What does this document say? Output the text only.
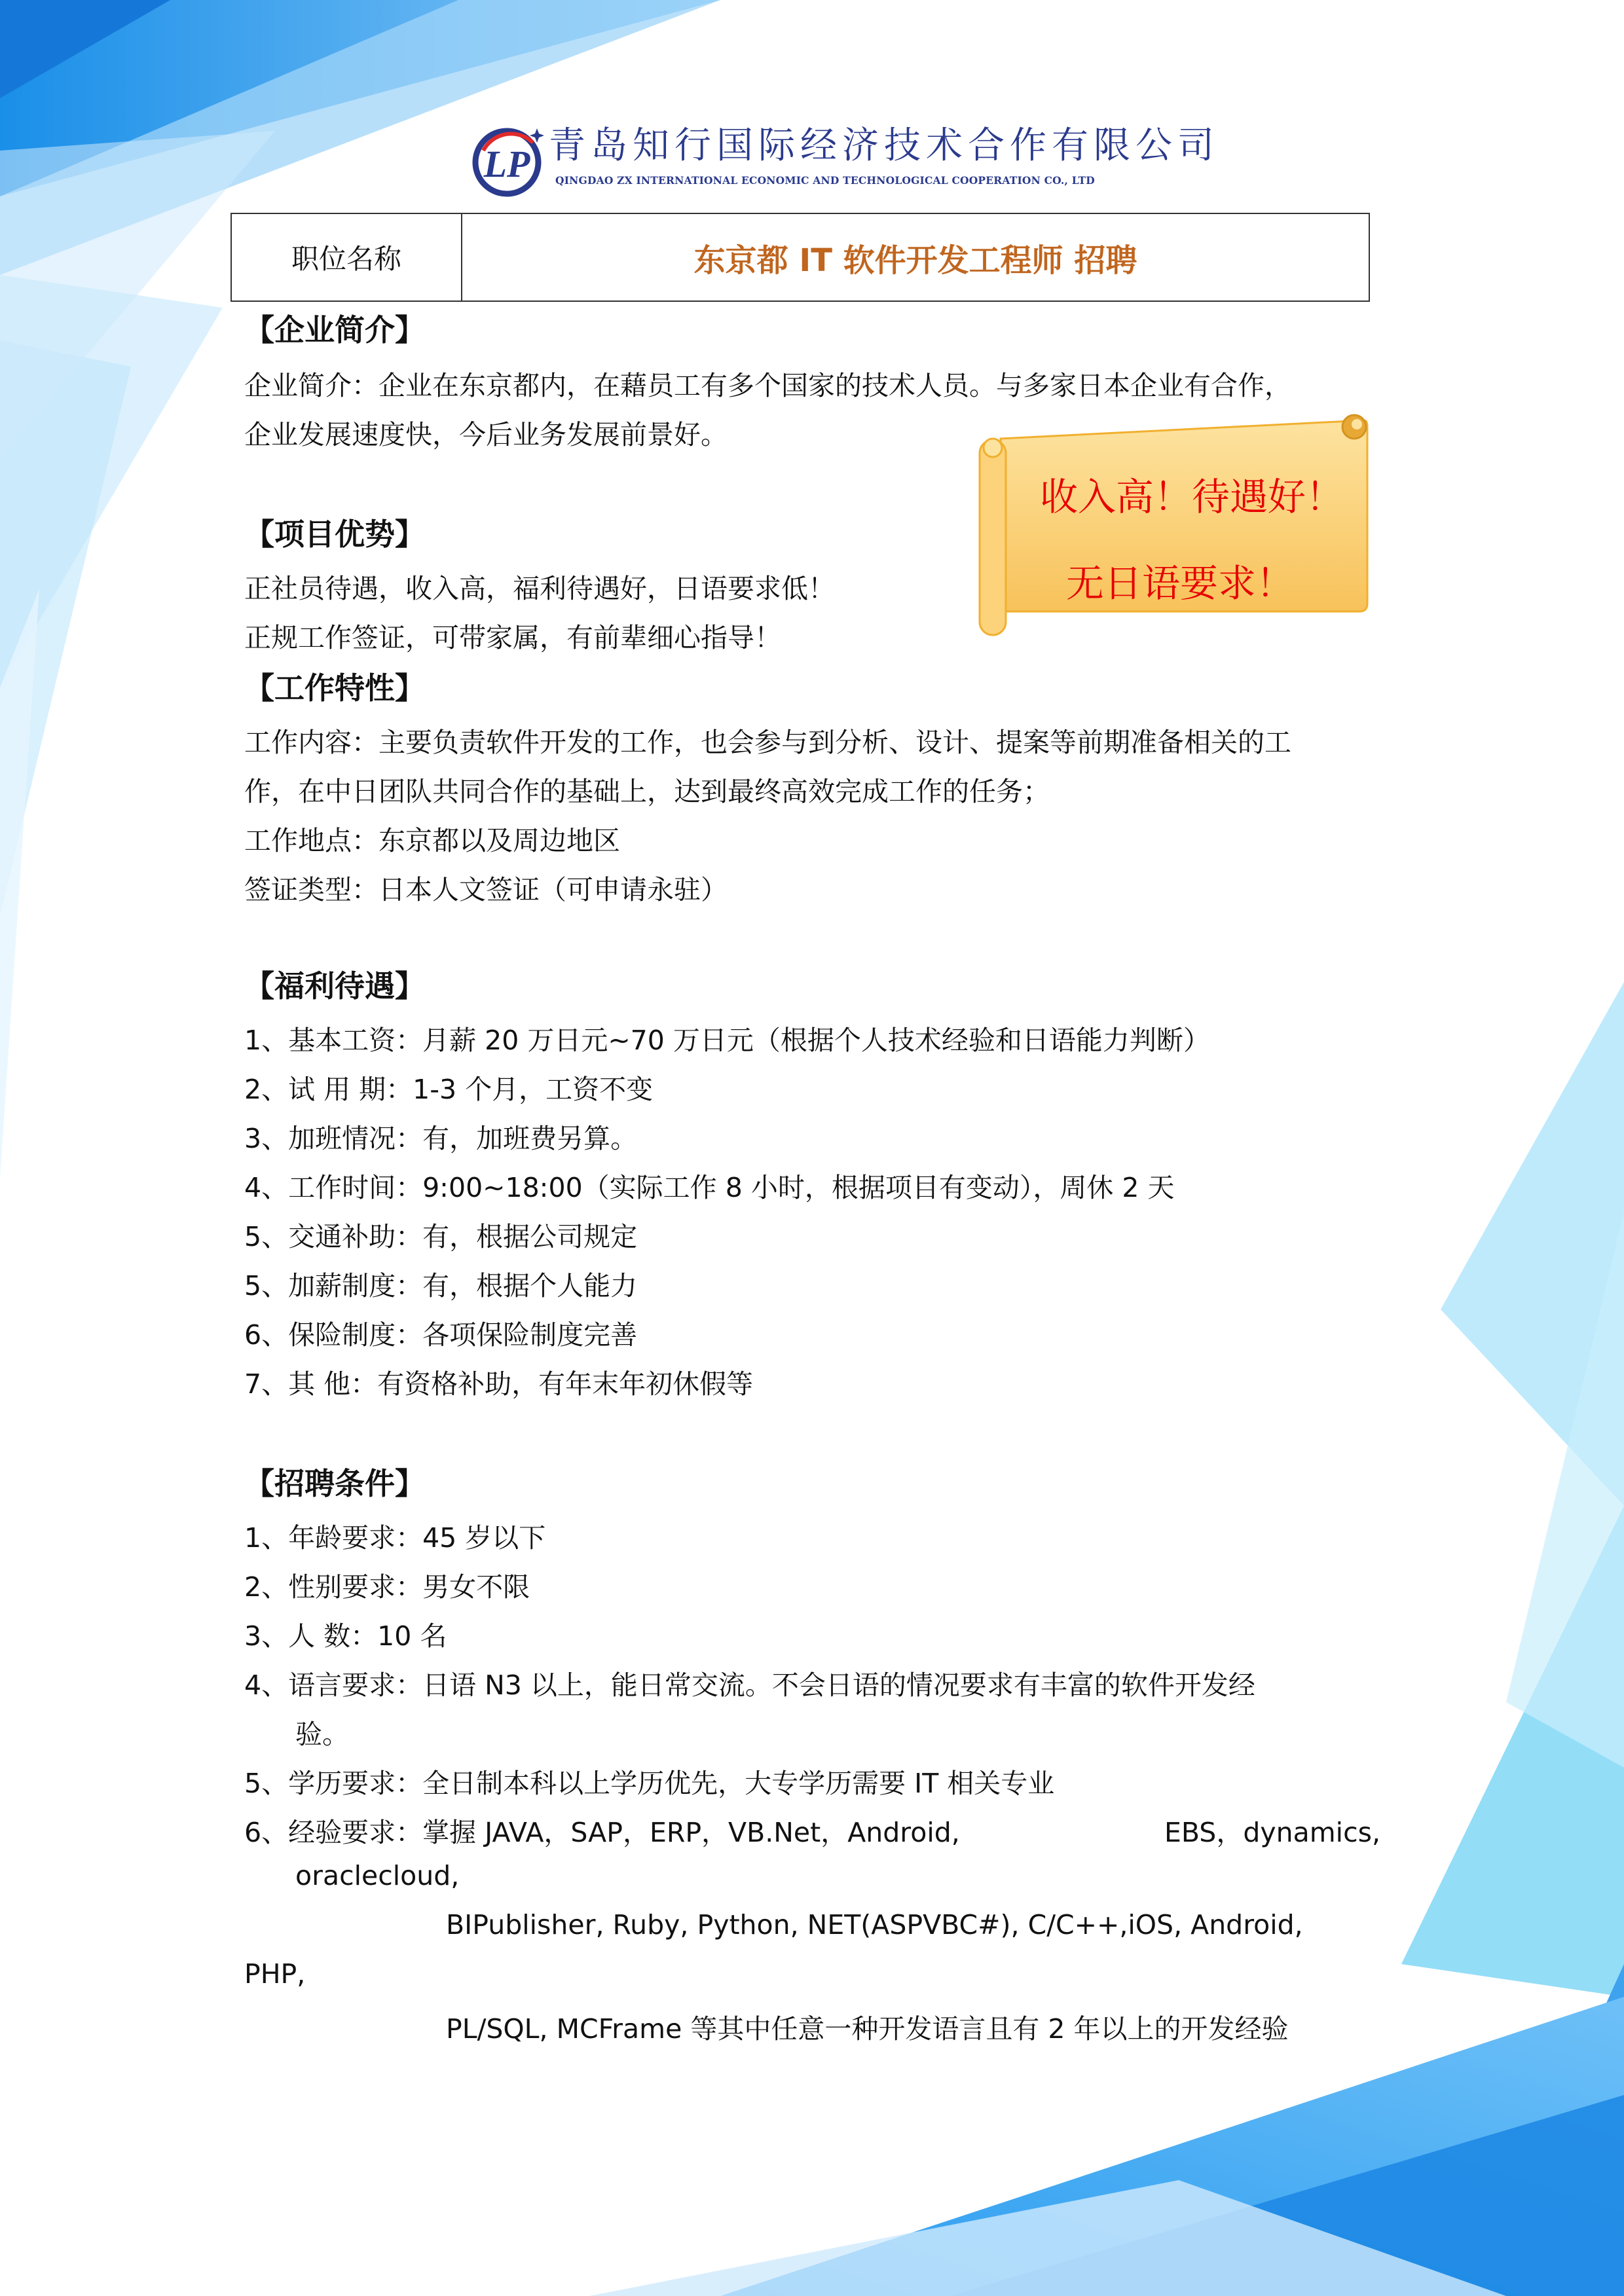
LP 青岛知行国际经济技术合作有限公司
QINGDAO ZX INTERNATIONAL ECONOMIC AND TECHNOLOGICAL COOPERATION CO., LTD
职位名称	东京都 IT 软件开发工程师 招聘
【企业简介】
企业简介：企业在东京都内，在藉员工有多个国家的技术人员。与多家日本企业有合作，
企业发展速度快，今后业务发展前景好。
【项目优势】
正社员待遇，收入高，福利待遇好，日语要求低！
正规工作签证，可带家属，有前辈细心指导！
【工作特性】
工作内容：主要负责软件开发的工作，也会参与到分析、设计、提案等前期准备相关的工
作，在中日团队共同合作的基础上，达到最终高效完成工作的任务；
工作地点：东京都以及周边地区
签证类型：日本人文签证（可申请永驻）
【福利待遇】
1、基本工资：月薪 20 万日元~70 万日元（根据个人技术经验和日语能力判断）
2、试 用 期：1-3 个月，工资不变
3、加班情况：有，加班费另算。
4、工作时间：9:00~18:00（实际工作 8 小时，根据项目有变动），周休 2 天
5、交通补助：有，根据公司规定
5、加薪制度：有，根据个人能力
6、保险制度：各项保险制度完善
7、其 他：有资格补助，有年末年初休假等
【招聘条件】
1、年龄要求：45 岁以下
2、性别要求：男女不限
3、人 数：10 名
4、语言要求：日语 N3 以上，能日常交流。不会日语的情况要求有丰富的软件开发经
验。
5、学历要求：全日制本科以上学历优先，大专学历需要 IT 相关专业
6、经验要求：掌握 JAVA，SAP，ERP，VB.Net，Android,	EBS，dynamics,
oraclecloud,
BIPublisher, Ruby, Python, NET(ASPVBC#), C/C++,iOS, Android,
PHP,
PL/SQL, MCFrame 等其中任意一种开发语言且有 2 年以上的开发经验
收入高！待遇好！
无日语要求！
